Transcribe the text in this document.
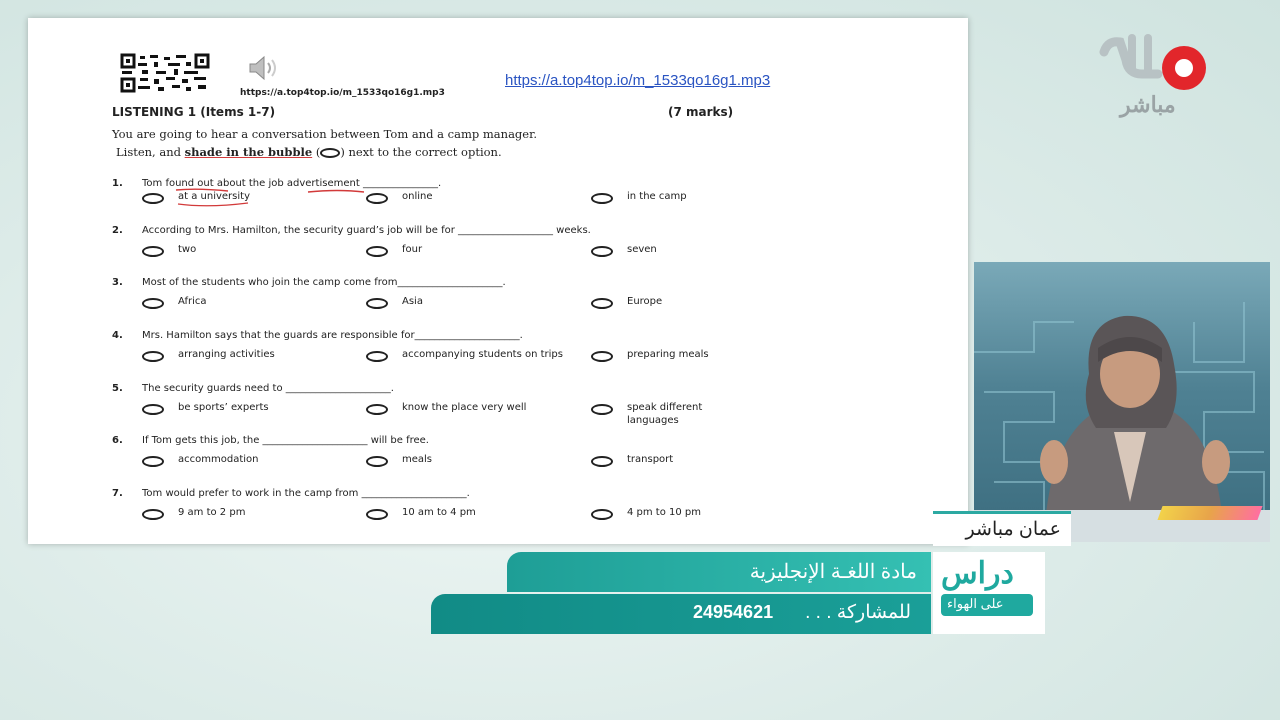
https://a.top4top.io/m_1533qo16g1.mp3
https://a.top4top.io/m_1533qo16g1.mp3
LISTENING 1 (Items 1-7)	(7 marks)
You are going to hear a conversation between Tom and a camp manager.
Listen, and shade in the bubble ( ) next to the correct option.
1. Tom found out about the job advertisement _______________.
at a university	online	in the camp
2. According to Mrs. Hamilton, the security guard’s job will be for ___________________ weeks.
two	four	seven
3. Most of the students who join the camp come from_____________________.
Africa	Asia	Europe
4. Mrs. Hamilton says that the guards are responsible for_____________________.
arranging activities	accompanying students on trips	preparing meals
5. The security guards need to _____________________.
be sports’ experts	know the place very well	speak different languages
6. If Tom gets this job, the _____________________ will be free.
accommodation	meals	transport
7. Tom would prefer to work in the camp from _____________________.
9 am to 2 pm	10 am to 4 pm	4 pm to 10 pm
مباشر
عمان مباشر
مادة اللغـة الإنجليزية
للمشاركة . . .
24954621
دراس
على الهواء
